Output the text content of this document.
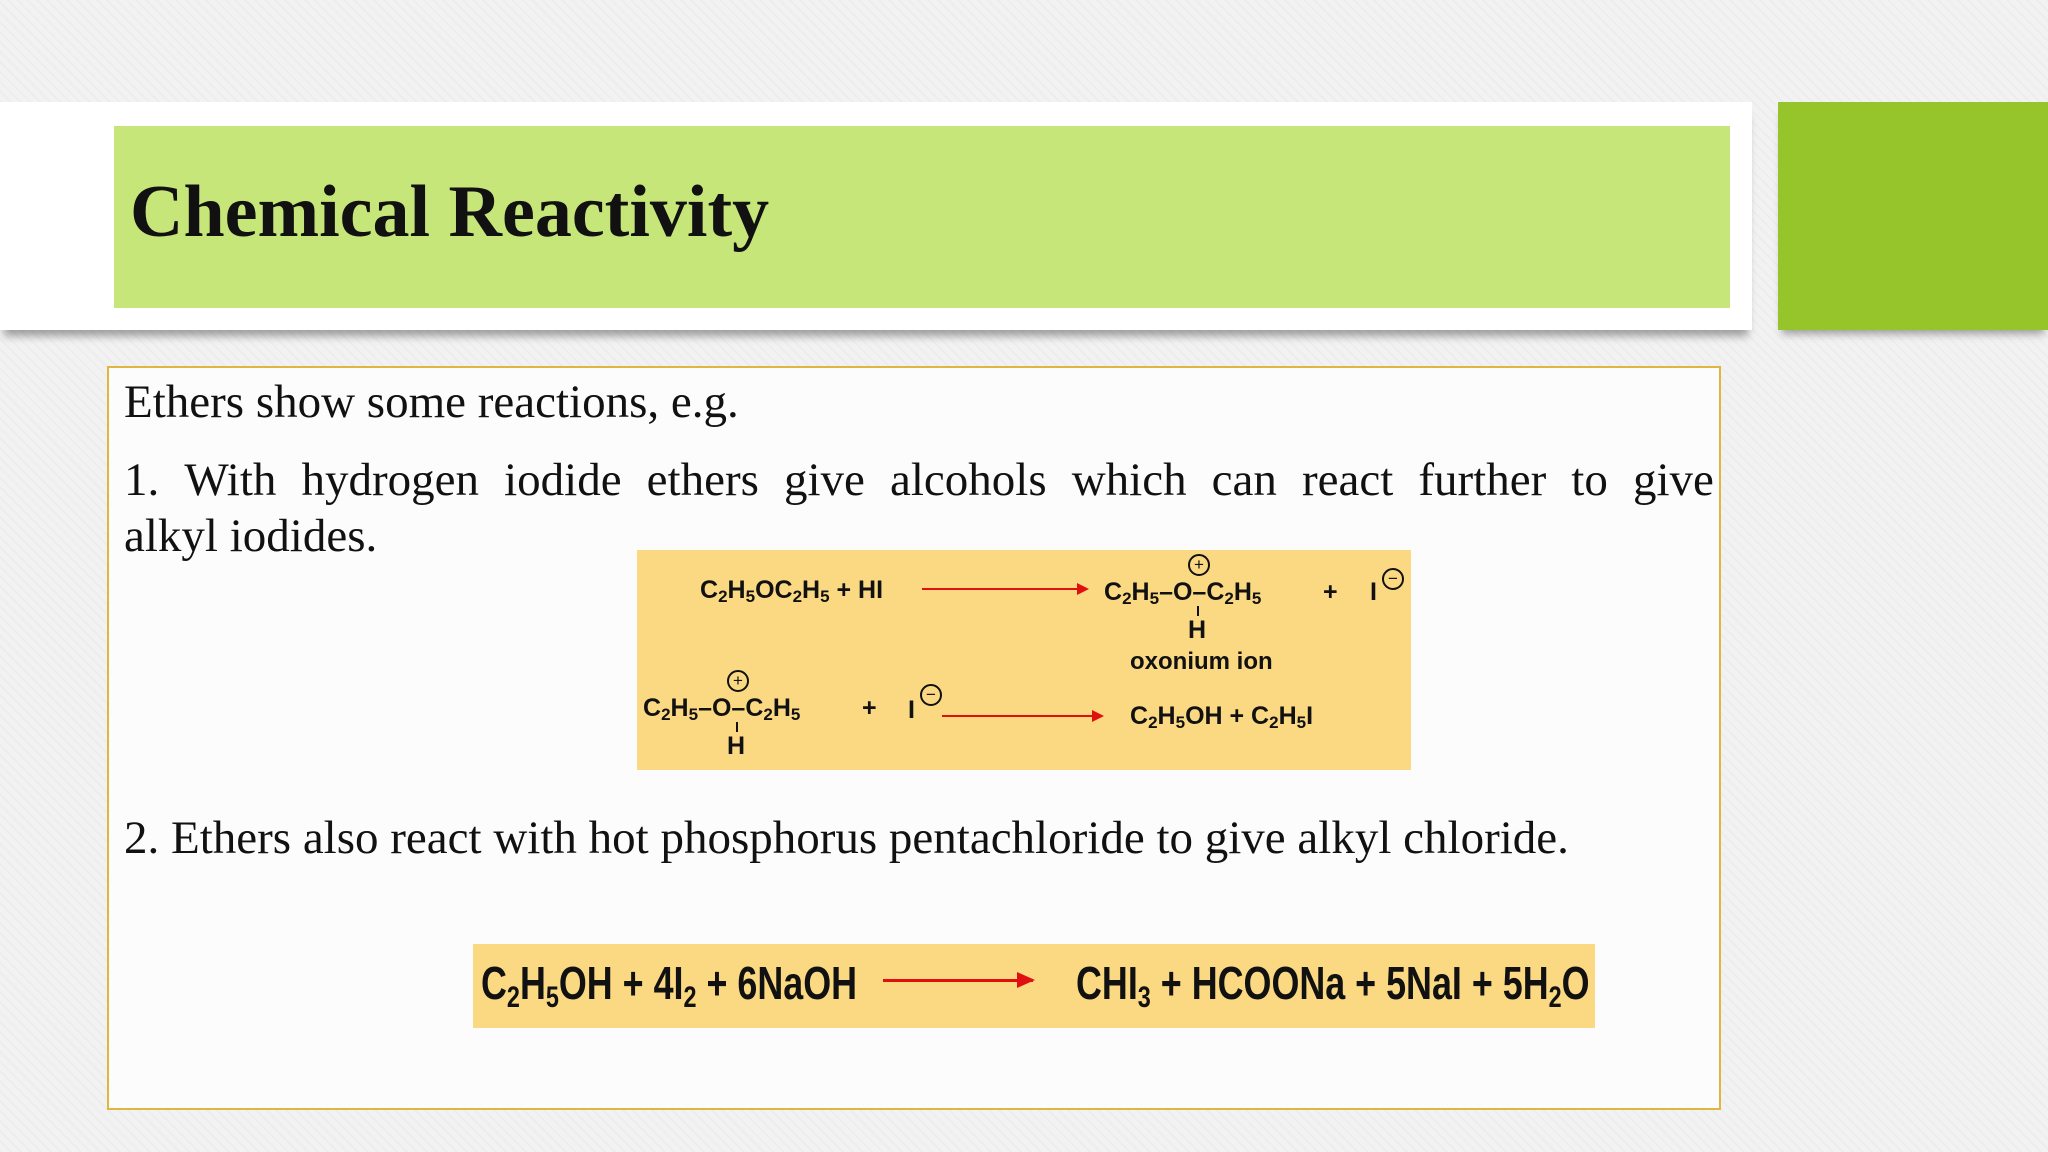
Chemical Reactivity
Ethers show some reactions, e.g.
1. With hydrogen iodide ethers give alcohols which can react further to give
alkyl iodides.
2. Ethers also react with hot phosphorus pentachloride to give alkyl chloride.
$C_2H_5OC_2H_5$ + HI
+
$C_2H_5-O-C_2H_5$
H
+ I −
oxonium ion
+
$C_2H_5-O-C_2H_5$
H
+ I
−
$C_2H_5OH + C_2H_5I$
$C_2H_5OH + 4I_2$ + 6NaOH	$CHI_3$ + HCOONa + $5NaI + 5H_2O$
